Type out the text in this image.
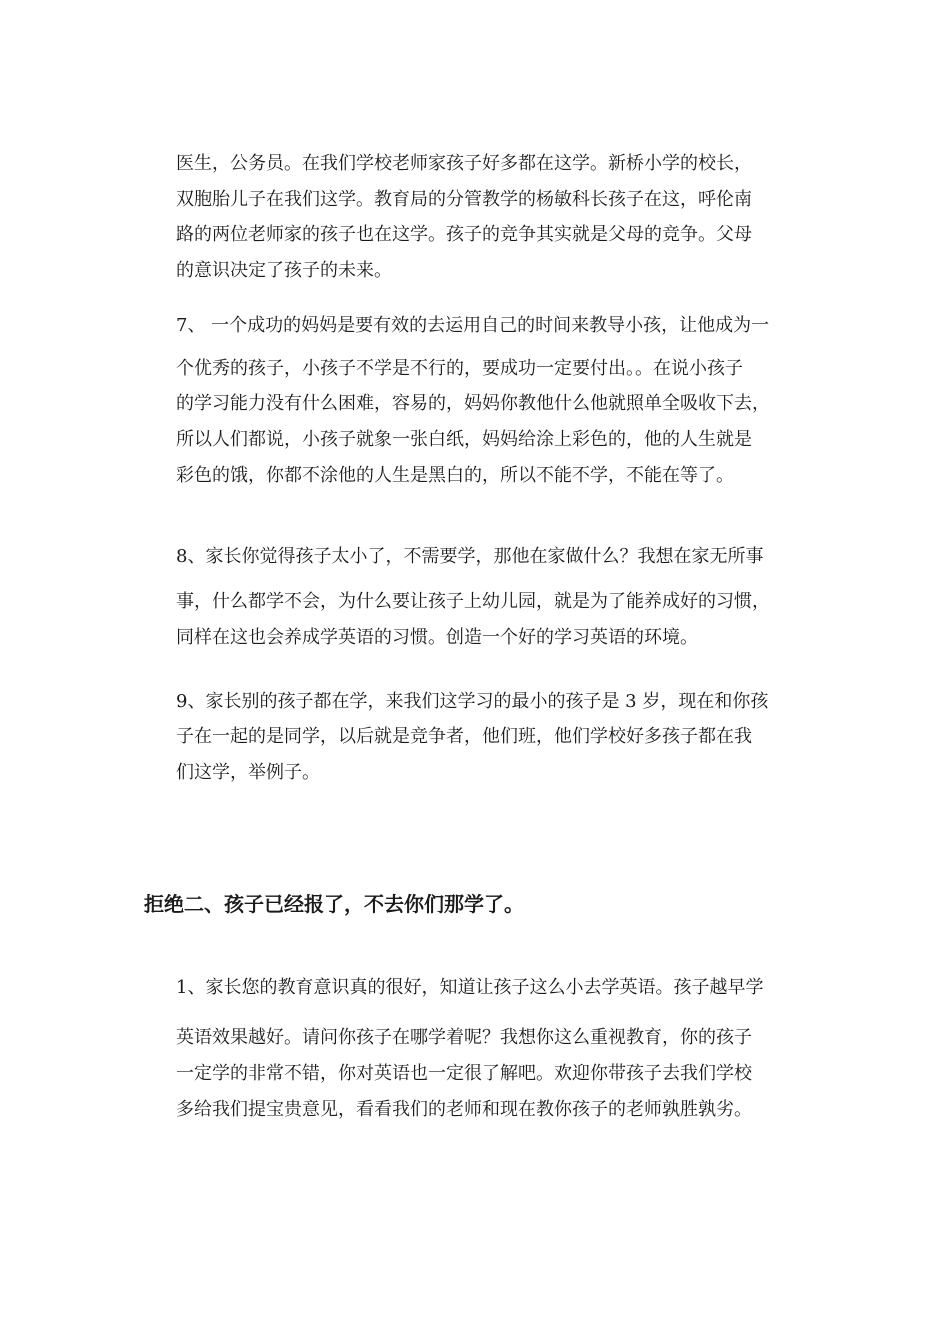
医生，公务员。在我们学校老师家孩子好多都在这学。新桥小学的校长，
双胞胎儿子在我们这学。教育局的分管教学的杨敏科长孩子在这，呼伦南
路的两位老师家的孩子也在这学。孩子的竞争其实就是父母的竞争。父母
的意识决定了孩子的未来。
7、 一个成功的妈妈是要有效的去运用自己的时间来教导小孩，让他成为一
个优秀的孩子，小孩子不学是不行的，要成功一定要付出。。在说小孩子
的学习能力没有什么困难，容易的，妈妈你教他什么他就照单全吸收下去，
所以人们都说，小孩子就象一张白纸，妈妈给涂上彩色的，他的人生就是
彩色的饿，你都不涂他的人生是黑白的，所以不能不学，不能在等了。
8、家长你觉得孩子太小了，不需要学，那他在家做什么？我想在家无所事
事，什么都学不会，为什么要让孩子上幼儿园，就是为了能养成好的习惯，
同样在这也会养成学英语的习惯。创造一个好的学习英语的环境。
9、家长别的孩子都在学，来我们这学习的最小的孩子是 3 岁，现在和你孩
子在一起的是同学，以后就是竞争者，他们班，他们学校好多孩子都在我
们这学，举例子。
拒绝二、孩子已经报了，不去你们那学了。
1、家长您的教育意识真的很好，知道让孩子这么小去学英语。孩子越早学
英语效果越好。请问你孩子在哪学着呢？我想你这么重视教育，你的孩子
一定学的非常不错，你对英语也一定很了解吧。欢迎你带孩子去我们学校
多给我们提宝贵意见，看看我们的老师和现在教你孩子的老师孰胜孰劣。
